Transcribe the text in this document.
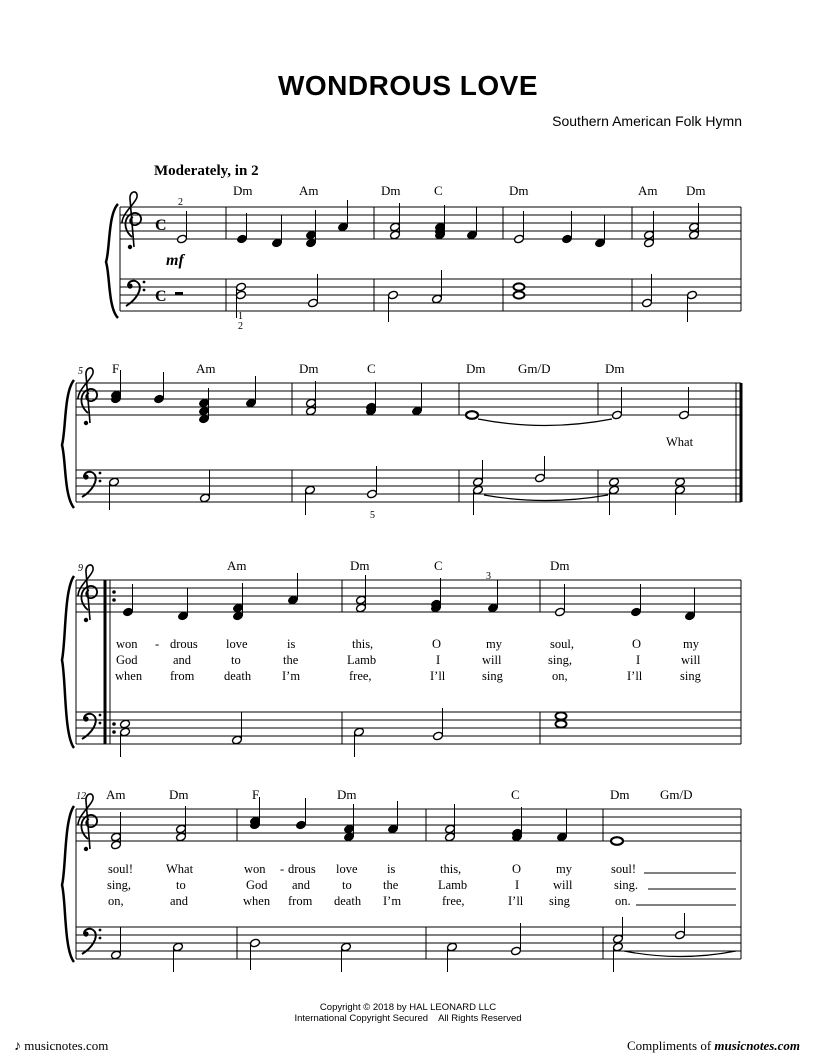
WONDROUS LOVE
Southern American Folk Hymn
Moderately, in 2
C
C
mf
2
1
2
Dm	Am	Dm	C	Dm	Am Dm
5
5
F	Am	Dm	C	Dm	Gm/D	Dm
What
9
3
Am	Dm	C	Dm
won - drous love	is	this,	O	my	soul,	O	my
God	and	to	the	Lamb	I	will	sing,	I	will
when from death I’m	free,	I’ll	sing	on,	I’ll	sing
12 Am	Dm	F	Dm	C	Dm Gm/D
soul!	What	won - drous love is	this,	O	my	soul!
sing,	to	God and	to	the	Lamb	I	will	sing.
on,	and	when from death I’m	free,	I’ll sing	on.
Copyright © 2018 by HAL LEONARD LLC
International Copyright Secured    All Rights Reserved
♪ musicnotes.com	Compliments of musicnotes.com
